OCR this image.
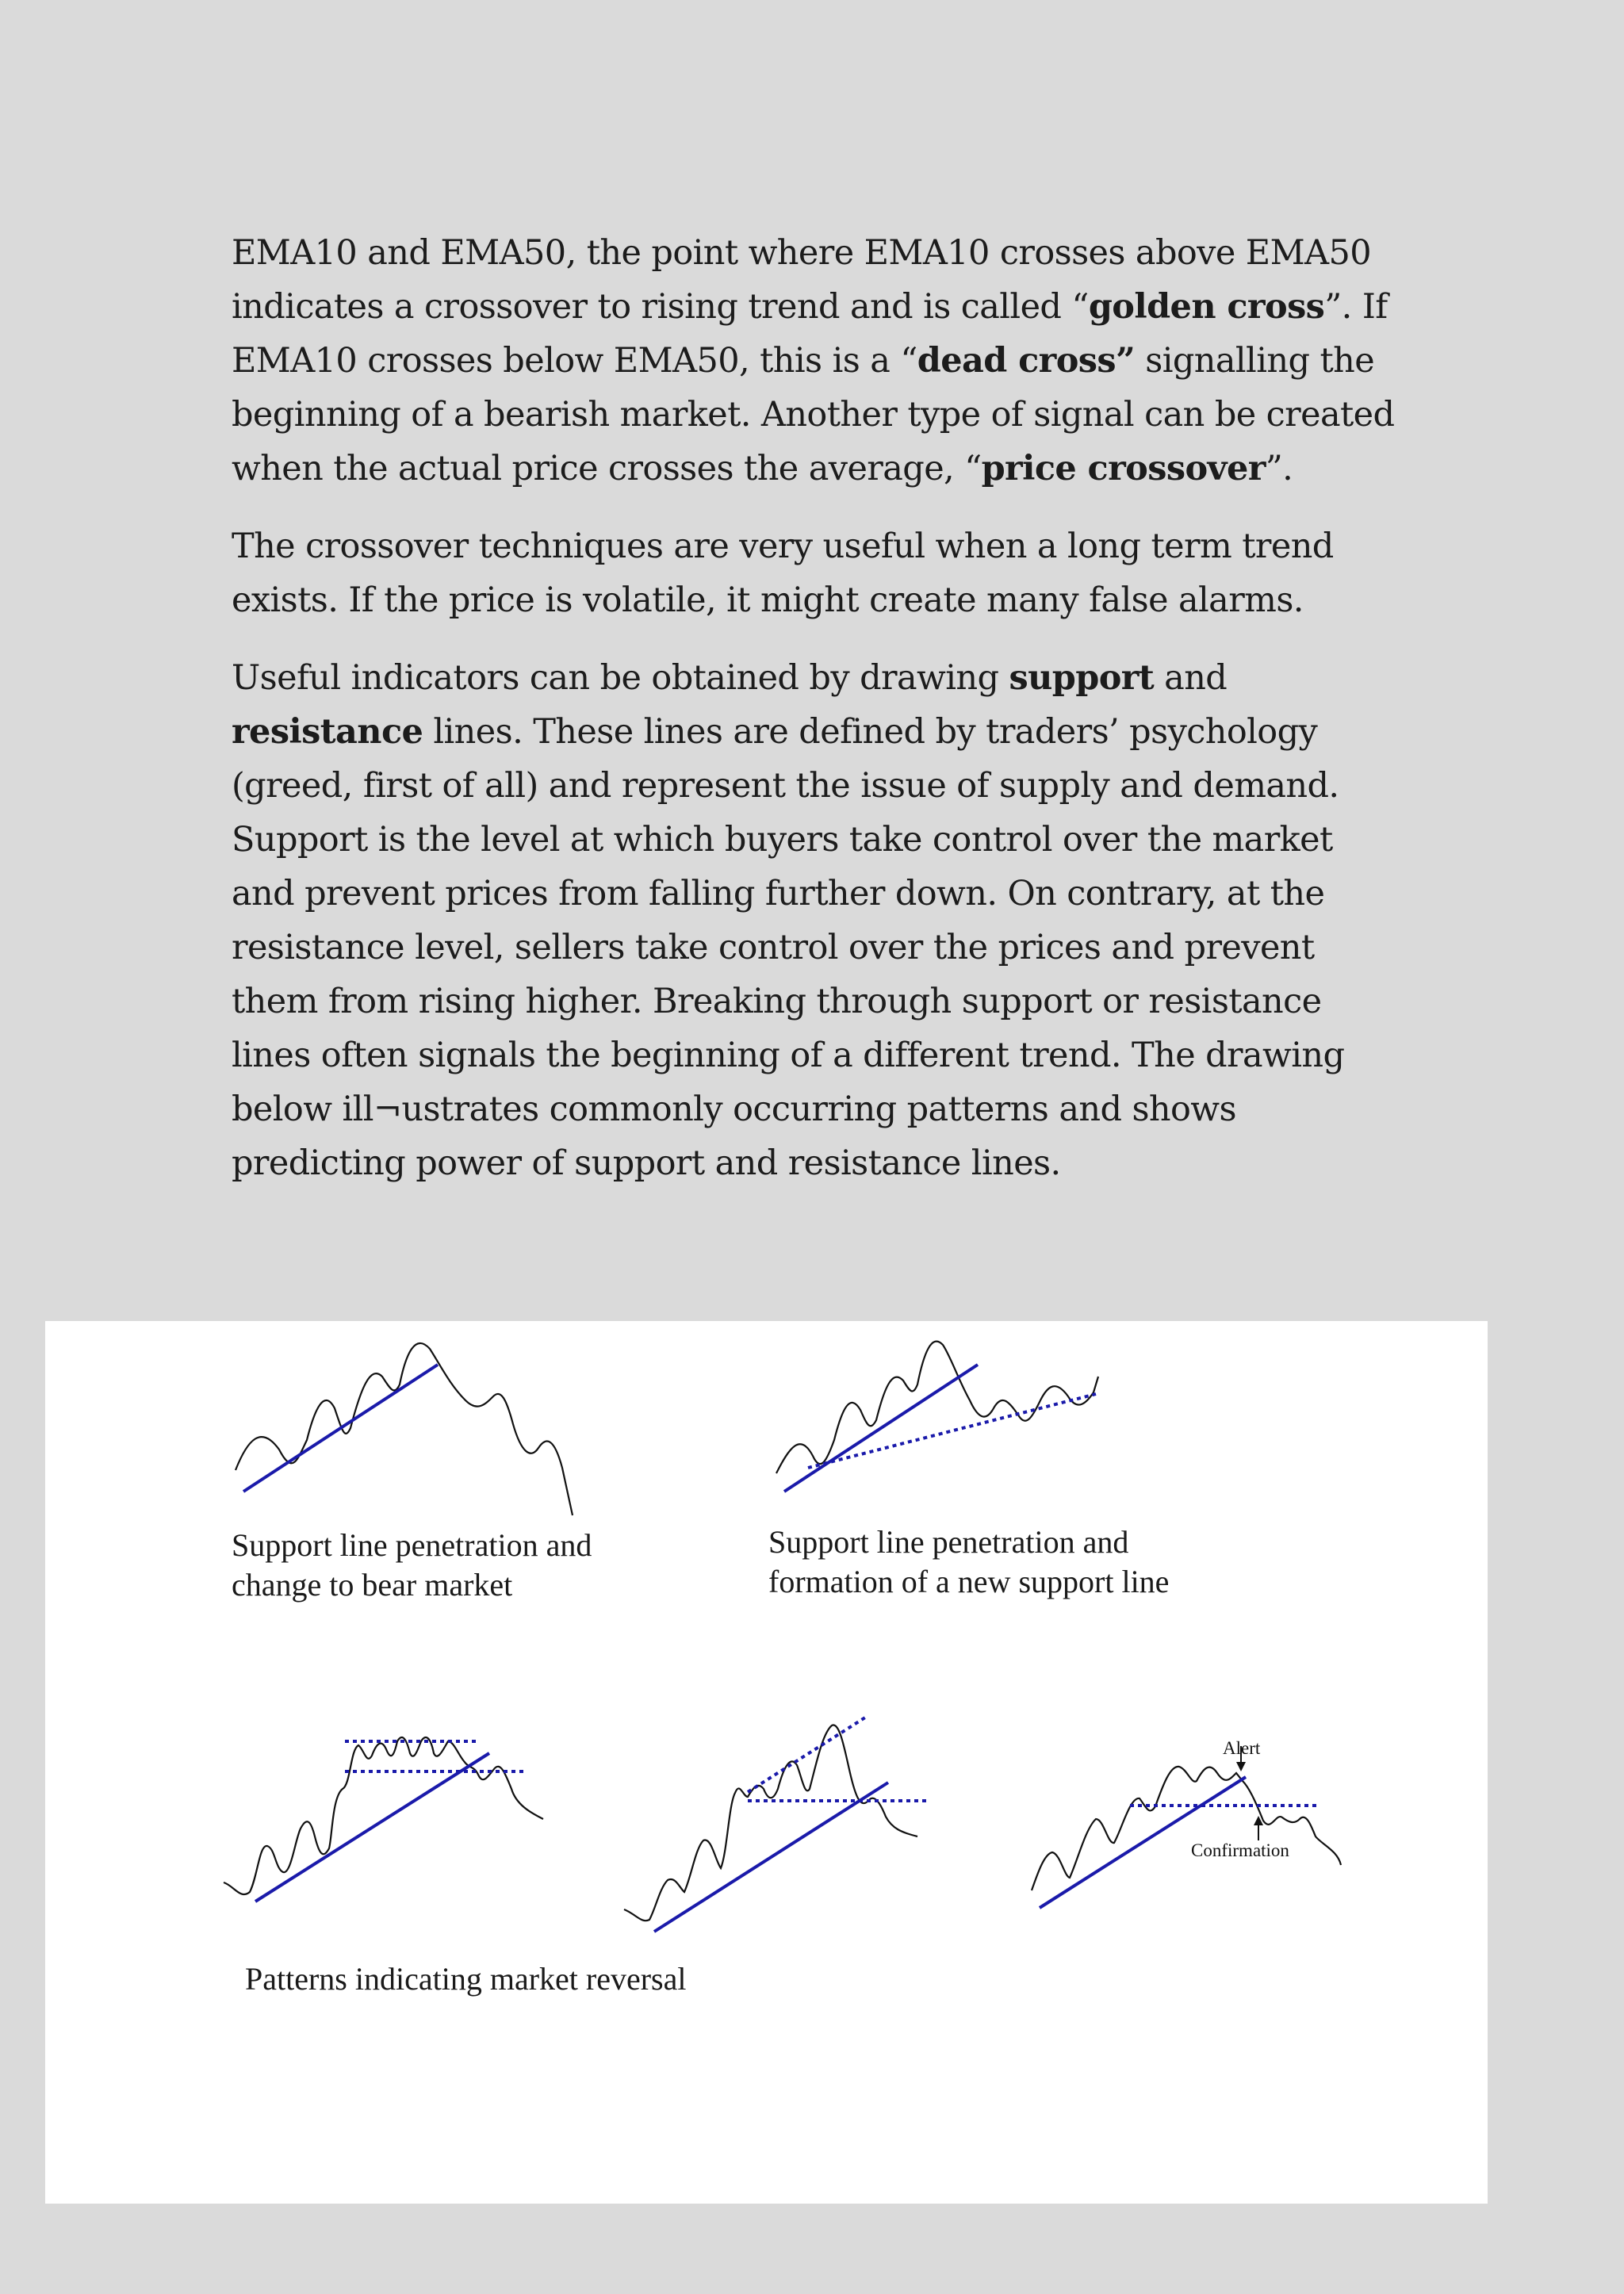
EMA10 and EMA50, the point where EMA10 crosses above EMA50 indicates a crossover to rising trend and is called “golden cross”. If EMA10 crosses below EMA50, this is a “dead cross” signalling the beginning of a bearish market. Another type of signal can be created when the actual price crosses the average, “price crossover”.

The crossover techniques are very useful when a long term trend exists. If the price is volatile, it might create many false alarms.

Useful indicators can be obtained by drawing support and resistance lines. These lines are defined by traders’ psychology (greed, first of all) and represent the issue of supply and demand. Support is the level at which buyers take control over the market and prevent prices from falling further down. On contrary, at the resistance level, sellers take control over the prices and prevent them from rising higher. Breaking through support or resistance lines often signals the beginning of a different trend. The drawing below ill¬ustrates commonly occurring patterns and shows predicting power of support and resistance lines.

Alert
Confirmation
Support line penetration and
change to bear market
Support line penetration and
formation of a new support line
Patterns indicating market reversal
